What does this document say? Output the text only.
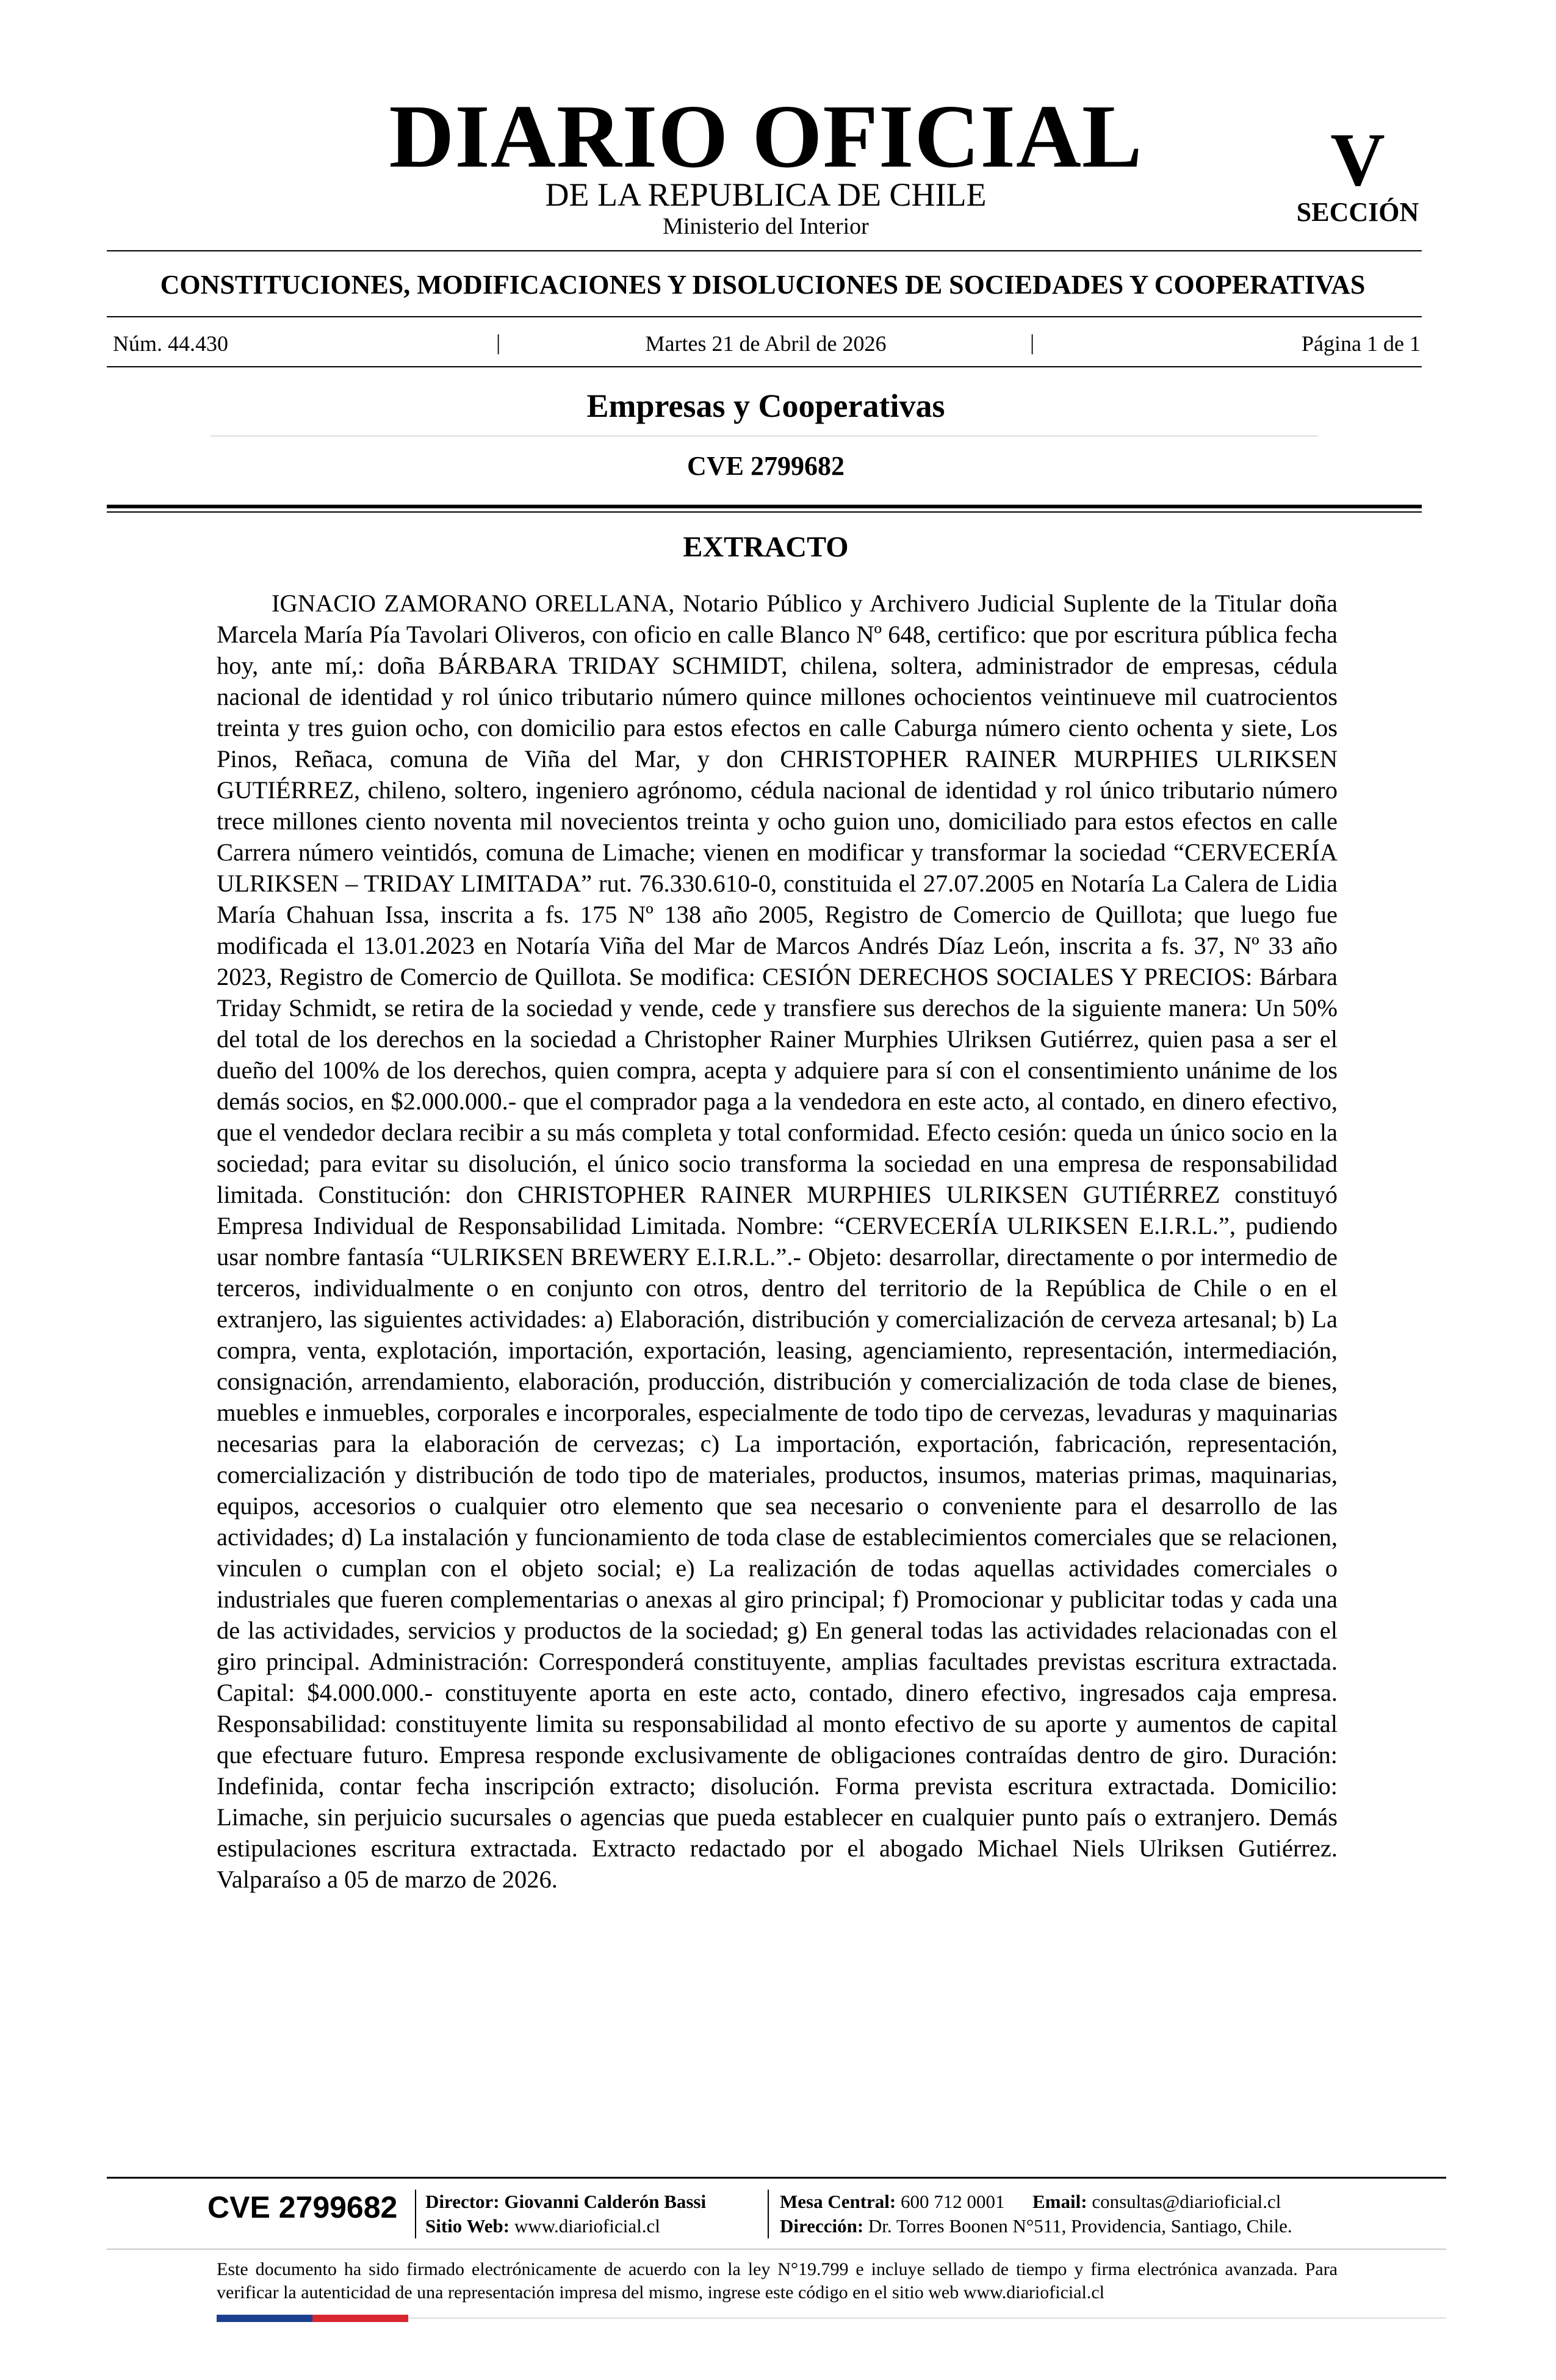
DIARIO OFICIAL
DE LA REPUBLICA DE CHILE
Ministerio del Interior
V
SECCIÓN
CONSTITUCIONES, MODIFICACIONES Y DISOLUCIONES DE SOCIEDADES Y COOPERATIVAS
Núm. 44.430	|	Martes 21 de Abril de 2026	|	Página 1 de 1
Empresas y Cooperativas
CVE 2799682
EXTRACTO

IGNACIO ZAMORANO ORELLANA, Notario Público y Archivero Judicial Suplente de la Titular doña Marcela María Pía Tavolari Oliveros, con oficio en calle Blanco Nº 648, certifico: que por escritura pública fecha hoy, ante mí,: doña BÁRBARA TRIDAY SCHMIDT, chilena, soltera, administrador de empresas, cédula nacional de identidad y rol único tributario número quince millones ochocientos veintinueve mil cuatrocientos treinta y tres guion ocho, con domicilio para estos efectos en calle Caburga número ciento ochenta y siete, Los Pinos, Reñaca, comuna de Viña del Mar, y don CHRISTOPHER RAINER MURPHIES ULRIKSEN GUTIÉRREZ, chileno, soltero, ingeniero agrónomo, cédula nacional de identidad y rol único tributario número trece millones ciento noventa mil novecientos treinta y ocho guion uno, domiciliado para estos efectos en calle Carrera número veintidós, comuna de Limache; vienen en modificar y transformar la sociedad “CERVECERÍA ULRIKSEN – TRIDAY LIMITADA” rut. 76.330.610-0, constituida el 27.07.2005 en Notaría La Calera de Lidia María Chahuan Issa, inscrita a fs. 175 Nº 138 año 2005, Registro de Comercio de Quillota; que luego fue modificada el 13.01.2023 en Notaría Viña del Mar de Marcos Andrés Díaz León, inscrita a fs. 37, Nº 33 año 2023, Registro de Comercio de Quillota. Se modifica: CESIÓN DERECHOS SOCIALES Y PRECIOS: Bárbara Triday Schmidt, se retira de la sociedad y vende, cede y transfiere sus derechos de la siguiente manera: Un 50% del total de los derechos en la sociedad a Christopher Rainer Murphies Ulriksen Gutiérrez, quien pasa a ser el dueño del 100% de los derechos, quien compra, acepta y adquiere para sí con el consentimiento unánime de los demás socios, en $2.000.000.- que el comprador paga a la vendedora en este acto, al contado, en dinero efectivo, que el vendedor declara recibir a su más completa y total conformidad. Efecto cesión: queda un único socio en la sociedad; para evitar su disolución, el único socio transforma la sociedad en una empresa de responsabilidad limitada. Constitución: don CHRISTOPHER RAINER MURPHIES ULRIKSEN GUTIÉRREZ constituyó Empresa Individual de Responsabilidad Limitada. Nombre: “CERVECERÍA ULRIKSEN E.I.R.L.”, pudiendo usar nombre fantasía “ULRIKSEN BREWERY E.I.R.L.”.- Objeto: desarrollar, directamente o por intermedio de terceros, individualmente o en conjunto con otros, dentro del territorio de la República de Chile o en el extranjero, las siguientes actividades: a) Elaboración, distribución y comercialización de cerveza artesanal; b) La compra, venta, explotación, importación, exportación, leasing, agenciamiento, representación, intermediación, consignación, arrendamiento, elaboración, producción, distribución y comercialización de toda clase de bienes, muebles e inmuebles, corporales e incorporales, especialmente de todo tipo de cervezas, levaduras y maquinarias necesarias para la elaboración de cervezas; c) La importación, exportación, fabricación, representación, comercialización y distribución de todo tipo de materiales, productos, insumos, materias primas, maquinarias, equipos, accesorios o cualquier otro elemento que sea necesario o conveniente para el desarrollo de las actividades; d) La instalación y funcionamiento de toda clase de establecimientos comerciales que se relacionen, vinculen o cumplan con el objeto social; e) La realización de todas aquellas actividades comerciales o industriales que fueren complementarias o anexas al giro principal; f) Promocionar y publicitar todas y cada una de las actividades, servicios y productos de la sociedad; g) En general todas las actividades relacionadas con el giro principal. Administración: Corresponderá constituyente, amplias facultades previstas escritura extractada. Capital: $4.000.000.- constituyente aporta en este acto, contado, dinero efectivo, ingresados caja empresa. Responsabilidad: constituyente limita su responsabilidad al monto efectivo de su aporte y aumentos de capital que efectuare futuro. Empresa responde exclusivamente de obligaciones contraídas dentro de giro. Duración: Indefinida, contar fecha inscripción extracto; disolución. Forma prevista escritura extractada. Domicilio: Limache, sin perjuicio sucursales o agencias que pueda establecer en cualquier punto país o extranjero. Demás estipulaciones escritura extractada. Extracto redactado por el abogado Michael Niels Ulriksen Gutiérrez. Valparaíso a 05 de marzo de 2026.

CVE 2799682 Director: Giovanni Calderón Bassi
Sitio Web: www.diarioficial.cl
Mesa Central: 600 712 0001 Email: consultas@diarioficial.cl
Dirección: Dr. Torres Boonen N°511, Providencia, Santiago, Chile.

Este documento ha sido firmado electrónicamente de acuerdo con la ley N°19.799 e incluye sellado de tiempo y firma electrónica avanzada. Para verificar la autenticidad de una representación impresa del mismo, ingrese este código en el sitio web www.diarioficial.cl
